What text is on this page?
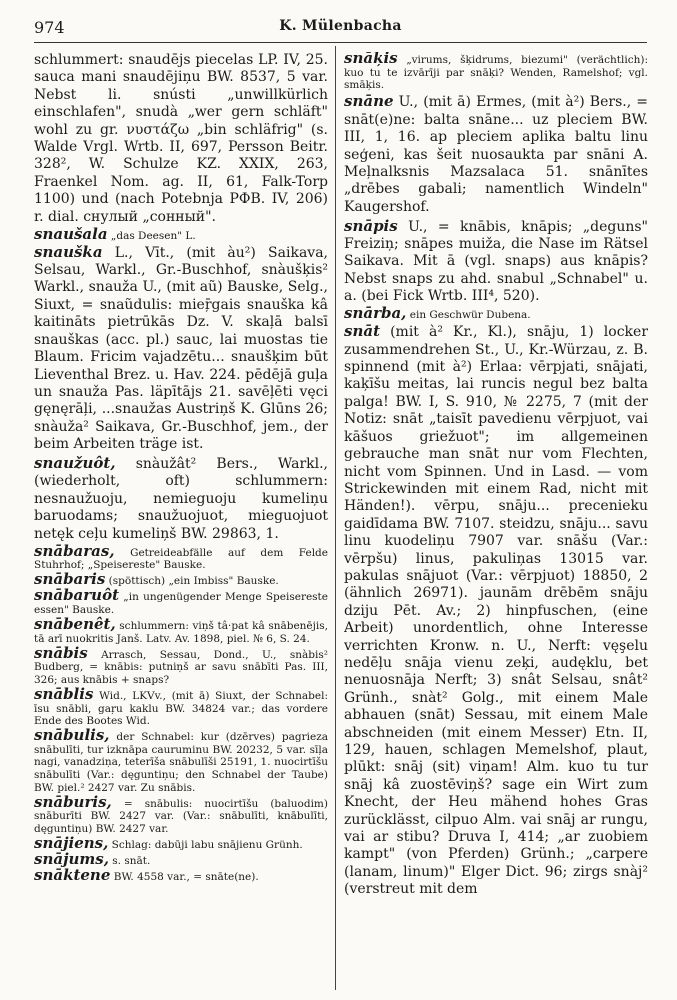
974	K. Mülenbacha

schlummert: snaudējs piecelas LP. IV, 25. sauca mani snaudējiņu BW. 8537, 5 var. Nebst li. snústi „unwillkürlich einschlafen", snudà „wer gern schläft" wohl zu gr. νυστάζω „bin schläfrig" (s. Walde Vrgl. Wrtb. II, 697, Persson Beitr. 328², W. Schulze KZ. XXIX, 263, Fraenkel Nom. ag. II, 61, Falk-Torp 1100) und (nach Potebnja РФВ. IV, 206) r. dial. снулый „сонный".

snaušala „das Deesen" L.

snauška L., Vīt., (mit àu²) Saikava, Selsau, Warkl., Gr.-Buschhof, snàušķis² Warkl., snauža U., (mit aũ) Bauske, Selg., Siuxt, = snaũdulis: mieŗ̄gais snauška kâ kaitināts pietrūkās Dz. V. skaļā balsī snauškas (acc. pl.) sauc, lai muostas tie Blaum. Fricim vajadzētu... snaušķim būt Lieventhal Brez. u. Hav. 224. pēdējā guļa un snauža Pas. läpītājs 21. savēļēti vęci gęnęrāļi, ...snaužas Austriņš K. Glūns 26; snàuža² Saikava, Gr.-Buschhof, jem., der beim Arbeiten träge ist.

snaužuôt, snàužât² Bers., Warkl., (wiederholt, oft) schlummern: nesnaužuoju, nemieguoju kumeliņu baruodams; snaužuojuot, mieguojuot netęk ceļu kumeliņš BW. 29863, 1.

snābaras, Getreideabfälle auf dem Felde Stuhrhof; „Speisereste" Bauske.

snābaris (spöttisch) „ein Imbiss" Bauske.

snābaruôt „in ungenügender Menge Speisereste essen" Bauske.

snābenêt, schlummern: viņš tâ·pat kâ snābenējis, tā arī nuokritis Janš. Latv. Av. 1898, piel. № 6, S. 24.

snābis Arrasch, Sessau, Dond., U., snàbis² Budberg, = knābis: putniņš ar savu snābīti Pas. III, 326; aus knābis + snaps?

snāblis Wid., LKVv., (mit ā) Siuxt, der Schnabel: īsu snābli, gaŗu kaklu BW. 34824 var.; das vordere Ende des Bootes Wid.

snābulis, der Schnabel: kur (dzērves) pagrieza snābulīti, tur izknāpa cauruminu BW. 20232, 5 var. sīļa nagi, vanadziņa, teterīša snābulīši 25191, 1. nuocirtīšu snābulīti (Var.: dęguntiņu; den Schnabel der Taube) BW. piel.² 2427 var. Zu snābis.

snāburis, = snābulis: nuocirtīšu (baluodim) snāburīti BW. 2427 var. (Var.: snābulīti, knābulīti, dęguntiņu) BW. 2427 var.

snājiens, Schlag: dabūji labu snājienu Grünh.

snājums, s. snāt.

snāktene BW. 4558 var., = snāte(ne).

snāķis „virums, šķidrums, biezumi" (verächtlich): kuo tu te izvārīji par snāķi? Wenden, Ramelshof; vgl. smāķis.

snāne U., (mit ā) Ermes, (mit à²) Bers., = snāt(e)ne: balta snāne... uz pleciem BW. III, 1, 16. ap pleciem aplika baltu linu seģeni, kas šeit nuosaukta par snāni A. Meļnalksnis Mazsalaca 51. snānītes „drēbes gabali; namentlich Windeln" Kaugershof.

snāpis U., = knābis, knāpis; „deguns" Freiziņ; snāpes muiža, die Nase im Rätsel Saikava. Mit ā (vgl. snaps) aus knāpis? Nebst snaps zu ahd. snabul „Schnabel" u. a. (bei Fick Wrtb. III⁴, 520).

snārba, ein Geschwür Dubena.

snāt (mit à² Kr., Kl.), snāju, 1) locker zusammendrehen St., U., Kr.-Würzau, z. B. spinnend (mit à²) Erlaa: vērpjati, snājati, kaķīšu meitas, lai runcis negul bez balta palga! BW. I, S. 910, № 2275, 7 (mit der Notiz: snāt „taisīt pavedienu vērpjuot, vai kāšuos griežuot"; im allgemeinen gebrauche man snāt nur vom Flechten, nicht vom Spinnen. Und in Lasd. — vom Strickewinden mit einem Rad, nicht mit Händen!). vērpu, snāju... precenieku gaidīdama BW. 7107. steidzu, snāju... savu linu kuodeliņu 7907 var. snāšu (Var.: vērpšu) linus, pakuliņas 13015 var. pakulas snājuot (Var.: vērpjuot) 18850, 2 (ähnlich 26971). jaunām drēbēm snāju dziju Pēt. Av.; 2) hinpfuschen, (eine Arbeit) unordentlich, ohne Interesse verrichten Kronw. n. U., Nerft: vęşelu nedēļu snāja vienu zeķi, audęklu, bet nenuosnāja Nerft; 3) snât Selsau, snât² Grünh., snàt² Golg., mit einem Male abhauen (snāt) Sessau, mit einem Male abschneiden (mit einem Messer) Etn. II, 129, hauen, schlagen Memelshof, plaut, plūkt: snāj (sit) viņam! Alm. kuo tu tur snāj kâ zuostēviņš? sage ein Wirt zum Knecht, der Heu mähend hohes Gras zurücklässt, cilpuo Alm. vai snāj ar rungu, vai ar stibu? Druva I, 414; „ar zuobiem kampt" (von Pferden) Grünh.; „carpere (lanam, linum)" Elger Dict. 96; zirgs snàj² (verstreut mit dem
